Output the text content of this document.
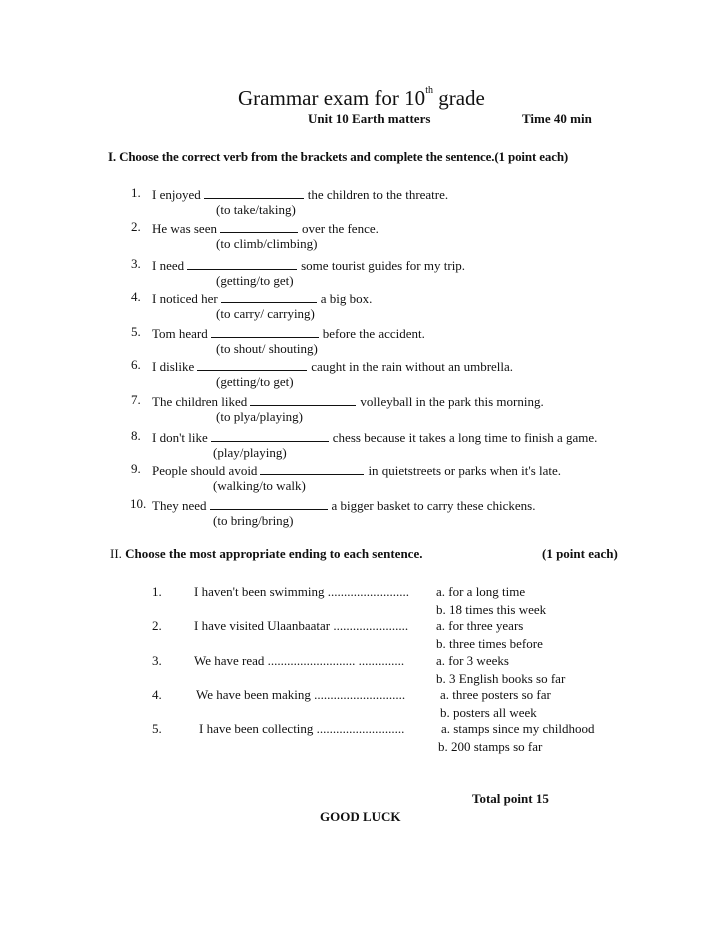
Grammar exam for 10th grade
Unit 10 Earth matters	Time 40 min
I. Choose the correct verb from the brackets and complete the sentence.(1 point each)
1. I enjoyed	the children to the threatre.
(to take/taking)
2. He was seen	over the fence.
(to climb/climbing)
3. I need	some tourist guides for my trip.
(getting/to get)
4. I noticed her	a big box.
(to carry/ carrying)
5. Tom heard	before the accident.
(to shout/ shouting)
6. I dislike	caught in the rain without an umbrella.
(getting/to get)
7. The children liked	volleyball in the park this morning.
(to plya/playing)
8. I don't like	chess because it takes a long time to finish a game.
(play/playing)
9. People should avoid	in quietstreets or parks when it's late.
(walking/to walk)
10. They need	a bigger basket to carry these chickens.
(to bring/bring)
II. Choose the most appropriate ending to each sentence.	(1 point each)
1. I haven't been swimming ......................... a. for a long time
b. 18 times this week
2. I have visited Ulaanbaatar ....................... a. for three years
b. three times before
3. We have read ........................... .............. a. for 3 weeks
b. 3 English books so far
4.	We have been making ............................	a. three posters so far
b. posters all week
5.	I have been collecting ...........................	a. stamps since my childhood
b. 200 stamps so far
Total point 15
GOOD LUCK
